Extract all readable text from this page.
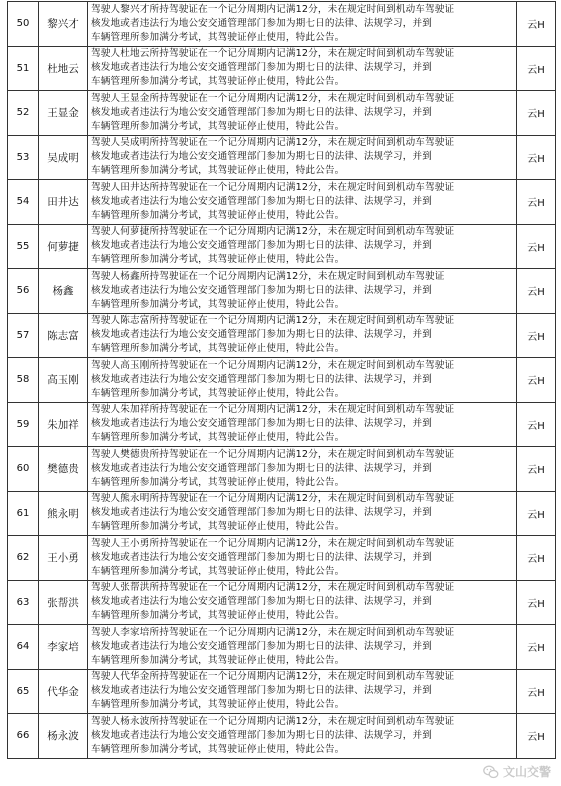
50	黎兴才	驾驶人黎兴才所持驾驶证在一个记分周期内记满12分，未在规定时间到机动车驾驶证
核发地或者违法行为地公安交通管理部门参加为期七日的法律、法规学习，并到
车辆管理所参加满分考试，其驾驶证停止使用，特此公告。	云H
51	杜地云	驾驶人杜地云所持驾驶证在一个记分周期内记满12分，未在规定时间到机动车驾驶证
核发地或者违法行为地公安交通管理部门参加为期七日的法律、法规学习，并到
车辆管理所参加满分考试，其驾驶证停止使用，特此公告。	云H
52	王显金	驾驶人王显金所持驾驶证在一个记分周期内记满12分，未在规定时间到机动车驾驶证
核发地或者违法行为地公安交通管理部门参加为期七日的法律、法规学习，并到
车辆管理所参加满分考试，其驾驶证停止使用，特此公告。	云H
53	吴成明	驾驶人吴成明所持驾驶证在一个记分周期内记满12分，未在规定时间到机动车驾驶证
核发地或者违法行为地公安交通管理部门参加为期七日的法律、法规学习，并到
车辆管理所参加满分考试，其驾驶证停止使用，特此公告。	云H
54	田井达	驾驶人田井达所持驾驶证在一个记分周期内记满12分，未在规定时间到机动车驾驶证
核发地或者违法行为地公安交通管理部门参加为期七日的法律、法规学习，并到
车辆管理所参加满分考试，其驾驶证停止使用，特此公告。	云H
55	何萝捷	驾驶人何萝捷所持驾驶证在一个记分周期内记满12分，未在规定时间到机动车驾驶证
核发地或者违法行为地公安交通管理部门参加为期七日的法律、法规学习，并到
车辆管理所参加满分考试，其驾驶证停止使用，特此公告。	云H
56	杨鑫	驾驶人杨鑫所持驾驶证在一个记分周期内记满12分，未在规定时间到机动车驾驶证
核发地或者违法行为地公安交通管理部门参加为期七日的法律、法规学习，并到
车辆管理所参加满分考试，其驾驶证停止使用，特此公告。	云H
57	陈志富	驾驶人陈志富所持驾驶证在一个记分周期内记满12分，未在规定时间到机动车驾驶证
核发地或者违法行为地公安交通管理部门参加为期七日的法律、法规学习，并到
车辆管理所参加满分考试，其驾驶证停止使用，特此公告。	云H
58	高玉刚	驾驶人高玉刚所持驾驶证在一个记分周期内记满12分，未在规定时间到机动车驾驶证
核发地或者违法行为地公安交通管理部门参加为期七日的法律、法规学习，并到
车辆管理所参加满分考试，其驾驶证停止使用，特此公告。	云H
59	朱加祥	驾驶人朱加祥所持驾驶证在一个记分周期内记满12分，未在规定时间到机动车驾驶证
核发地或者违法行为地公安交通管理部门参加为期七日的法律、法规学习，并到
车辆管理所参加满分考试，其驾驶证停止使用，特此公告。	云H
60	樊德贵	驾驶人樊德贵所持驾驶证在一个记分周期内记满12分，未在规定时间到机动车驾驶证
核发地或者违法行为地公安交通管理部门参加为期七日的法律、法规学习，并到
车辆管理所参加满分考试，其驾驶证停止使用，特此公告。	云H
61	熊永明	驾驶人熊永明所持驾驶证在一个记分周期内记满12分，未在规定时间到机动车驾驶证
核发地或者违法行为地公安交通管理部门参加为期七日的法律、法规学习，并到
车辆管理所参加满分考试，其驾驶证停止使用，特此公告。	云H
62	王小勇	驾驶人王小勇所持驾驶证在一个记分周期内记满12分，未在规定时间到机动车驾驶证
核发地或者违法行为地公安交通管理部门参加为期七日的法律、法规学习，并到
车辆管理所参加满分考试，其驾驶证停止使用，特此公告。	云H
63	张帮洪	驾驶人张帮洪所持驾驶证在一个记分周期内记满12分，未在规定时间到机动车驾驶证
核发地或者违法行为地公安交通管理部门参加为期七日的法律、法规学习，并到
车辆管理所参加满分考试，其驾驶证停止使用，特此公告。	云H
64	李家培	驾驶人李家培所持驾驶证在一个记分周期内记满12分，未在规定时间到机动车驾驶证
核发地或者违法行为地公安交通管理部门参加为期七日的法律、法规学习，并到
车辆管理所参加满分考试，其驾驶证停止使用，特此公告。	云H
65	代华金	驾驶人代华金所持驾驶证在一个记分周期内记满12分，未在规定时间到机动车驾驶证
核发地或者违法行为地公安交通管理部门参加为期七日的法律、法规学习，并到
车辆管理所参加满分考试，其驾驶证停止使用，特此公告。	云H
66	杨永波	驾驶人杨永波所持驾驶证在一个记分周期内记满12分，未在规定时间到机动车驾驶证
核发地或者违法行为地公安交通管理部门参加为期七日的法律、法规学习，并到
车辆管理所参加满分考试，其驾驶证停止使用，特此公告。	云H
文山交警
